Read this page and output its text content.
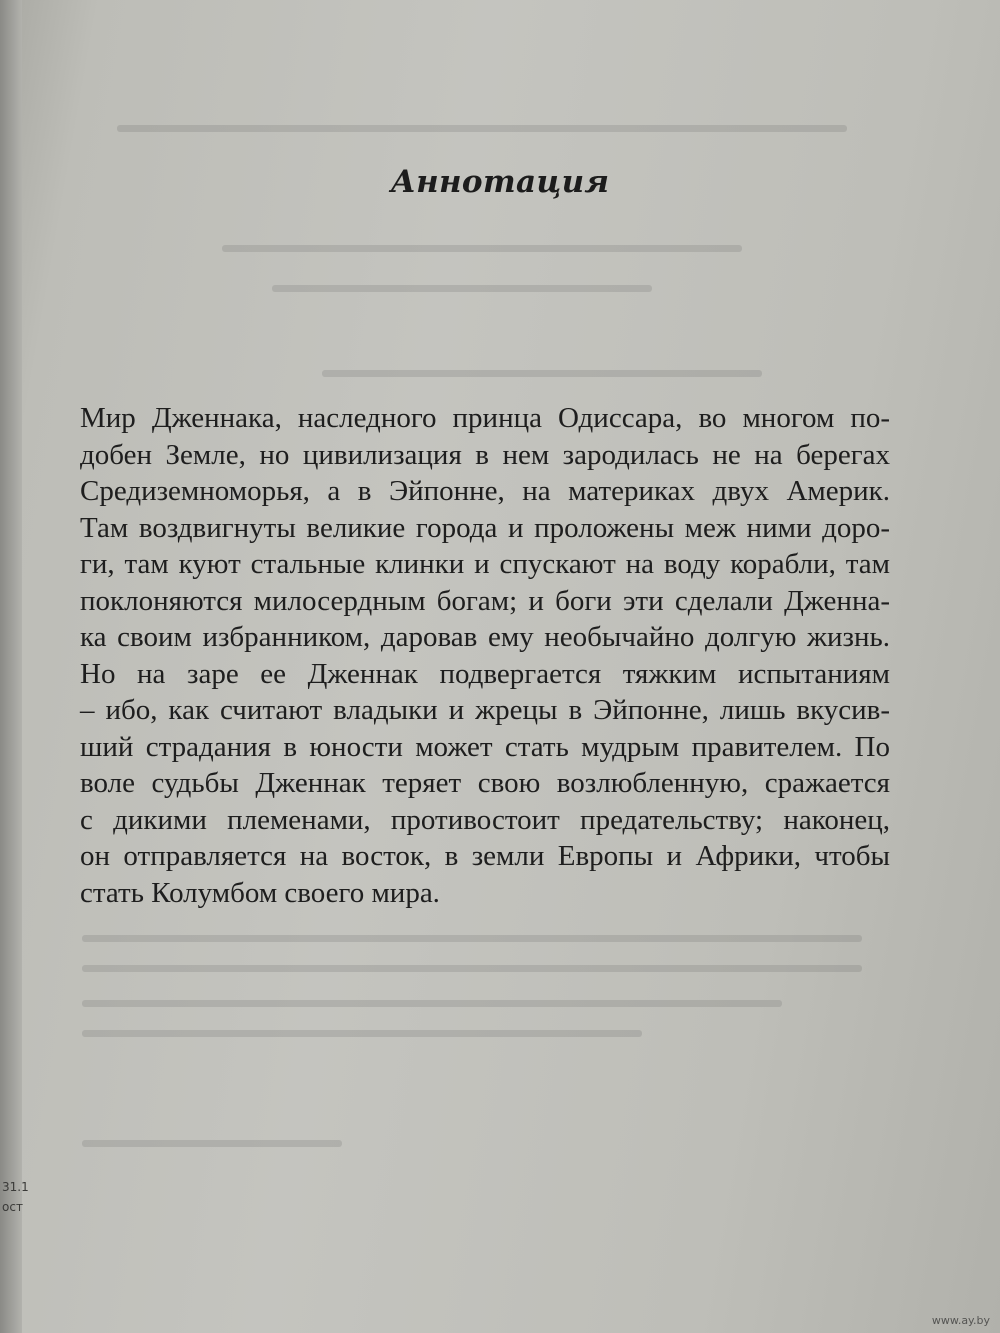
Аннотация

Мир Дженнака, наследного принца Одиссара, во многом по-
добен Земле, но цивилизация в нем зародилась не на берегах
Средиземноморья, а в Эйпонне, на материках двух Америк.
Там воздвигнуты великие города и проложены меж ними доро-
ги, там куют стальные клинки и спускают на воду корабли, там
поклоняются милосердным богам; и боги эти сделали Дженна-
ка своим избранником, даровав ему необычайно долгую жизнь.
Но на заре ее Дженнак подвергается тяжким испытаниям
– ибо, как считают владыки и жрецы в Эйпонне, лишь вкусив-
ший страдания в юности может стать мудрым правителем. По
воле судьбы Дженнак теряет свою возлюбленную, сражается
с дикими племенами, противостоит предательству; наконец,
он отправляется на восток, в земли Европы и Африки, чтобы
стать Колумбом своего мира.

31.1
ост
www.ay.by
